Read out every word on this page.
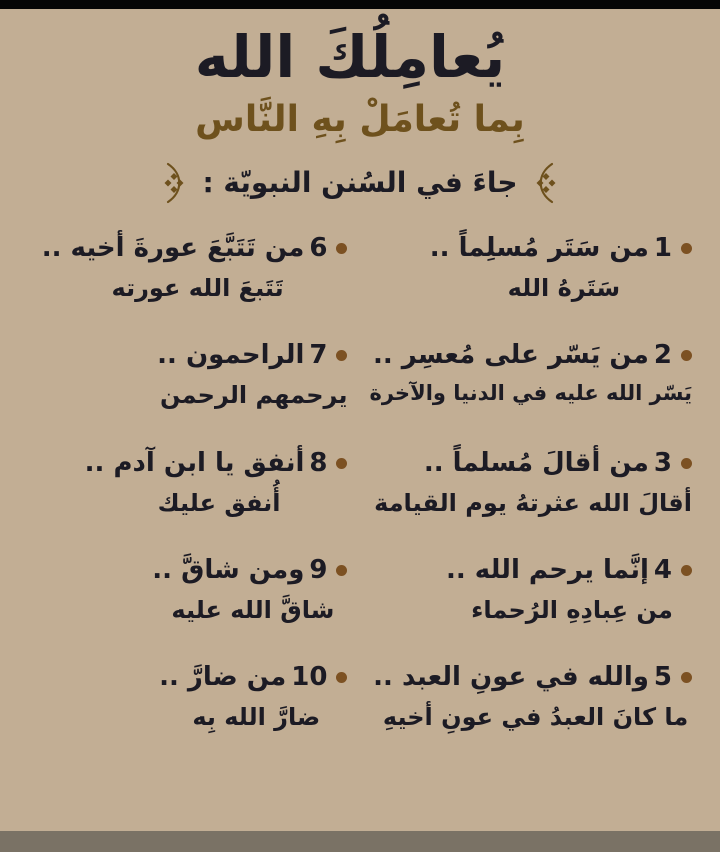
يُعامِلُكَ الله
بِما تُعامَلْ بِهِ النَّاس
جاءَ في السُنن النبويّة :
1من سَتَر مُسلِماً ..
سَتَرهُ الله
6من تَتَبَّعَ عورةَ أخيه ..
تَتَبعَ الله عورته
2من يَسّر على مُعسِر ..
يَسّر الله عليه في الدنيا والآخرة
7الراحمون ..
يرحمهم الرحمن
3من أقالَ مُسلماً ..
أقالَ الله عثرتهُ يوم القيامة
8أنفق يا ابن آدم ..
أُنفق عليك
4إنَّما يرحم الله ..
من عِبادِهِ الرُحماء
9ومن شاقَّ ..
شاقَّ الله عليه
5والله في عونِ العبد ..
ما كانَ العبدُ في عونِ أخيهِ
10من ضارَّ ..
ضارَّ الله بِه
